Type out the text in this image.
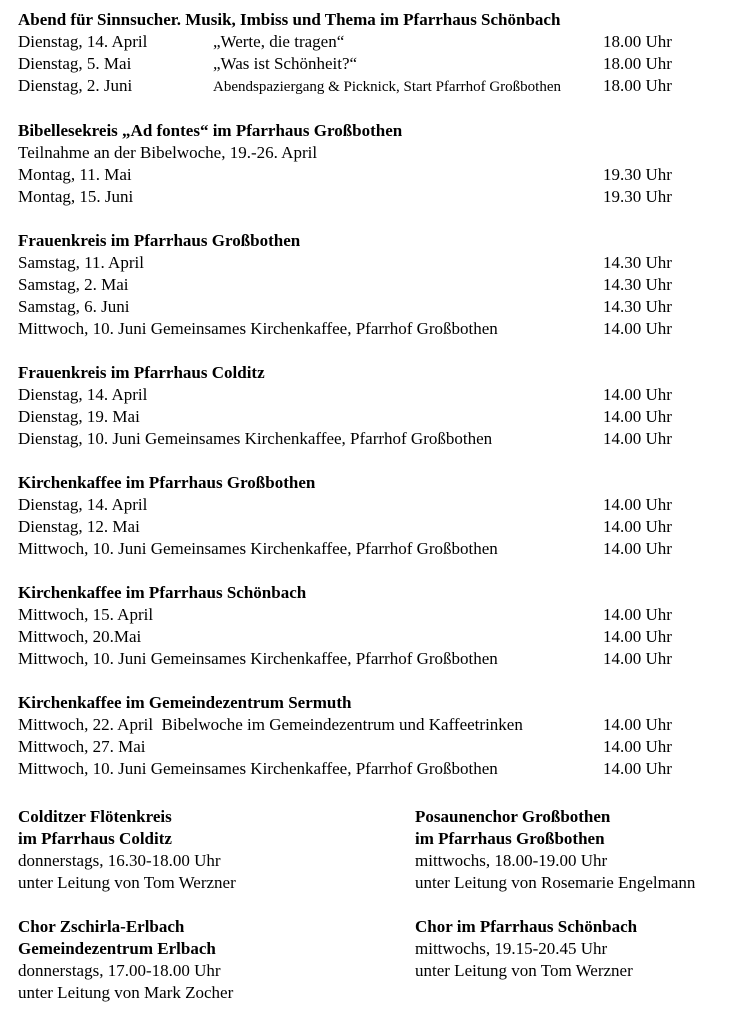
Abend für Sinnsucher. Musik, Imbiss und Thema im Pfarrhaus Schönbach
Dienstag, 14. April	„Werte, die tragen“	18.00 Uhr
Dienstag, 5. Mai	„Was ist Schönheit?“	18.00 Uhr
Dienstag, 2. Juni	Abendspaziergang & Picknick, Start Pfarrhof Großbothen	18.00 Uhr
Bibellesekreis „Ad fontes“ im Pfarrhaus Großbothen
Teilnahme an der Bibelwoche, 19.-26. April
Montag, 11. Mai	19.30 Uhr
Montag, 15. Juni	19.30 Uhr
Frauenkreis im Pfarrhaus Großbothen
Samstag, 11. April	14.30 Uhr
Samstag, 2. Mai	14.30 Uhr
Samstag, 6. Juni	14.30 Uhr
Mittwoch, 10. Juni Gemeinsames Kirchenkaffee, Pfarrhof Großbothen	14.00 Uhr
Frauenkreis im Pfarrhaus Colditz
Dienstag, 14. April	14.00 Uhr
Dienstag, 19. Mai	14.00 Uhr
Dienstag, 10. Juni Gemeinsames Kirchenkaffee, Pfarrhof Großbothen	14.00 Uhr
Kirchenkaffee im Pfarrhaus Großbothen
Dienstag, 14. April	14.00 Uhr
Dienstag, 12. Mai	14.00 Uhr
Mittwoch, 10. Juni Gemeinsames Kirchenkaffee, Pfarrhof Großbothen	14.00 Uhr
Kirchenkaffee im Pfarrhaus Schönbach
Mittwoch, 15. April	14.00 Uhr
Mittwoch, 20.Mai	14.00 Uhr
Mittwoch, 10. Juni Gemeinsames Kirchenkaffee, Pfarrhof Großbothen	14.00 Uhr
Kirchenkaffee im Gemeindezentrum Sermuth
Mittwoch, 22. April  Bibelwoche im Gemeindezentrum und Kaffeetrinken	14.00 Uhr
Mittwoch, 27. Mai	14.00 Uhr
Mittwoch, 10. Juni Gemeinsames Kirchenkaffee, Pfarrhof Großbothen	14.00 Uhr
Colditzer Flötenkreis
im Pfarrhaus Colditz
donnerstags, 16.30-18.00 Uhr
unter Leitung von Tom Werzner
Chor Zschirla-Erlbach
Gemeindezentrum Erlbach
donnerstags, 17.00-18.00 Uhr
unter Leitung von Mark Zocher
Posaunenchor Großbothen
im Pfarrhaus Großbothen
mittwochs, 18.00-19.00 Uhr
unter Leitung von Rosemarie Engelmann
Chor im Pfarrhaus Schönbach
mittwochs, 19.15-20.45 Uhr
unter Leitung von Tom Werzner
